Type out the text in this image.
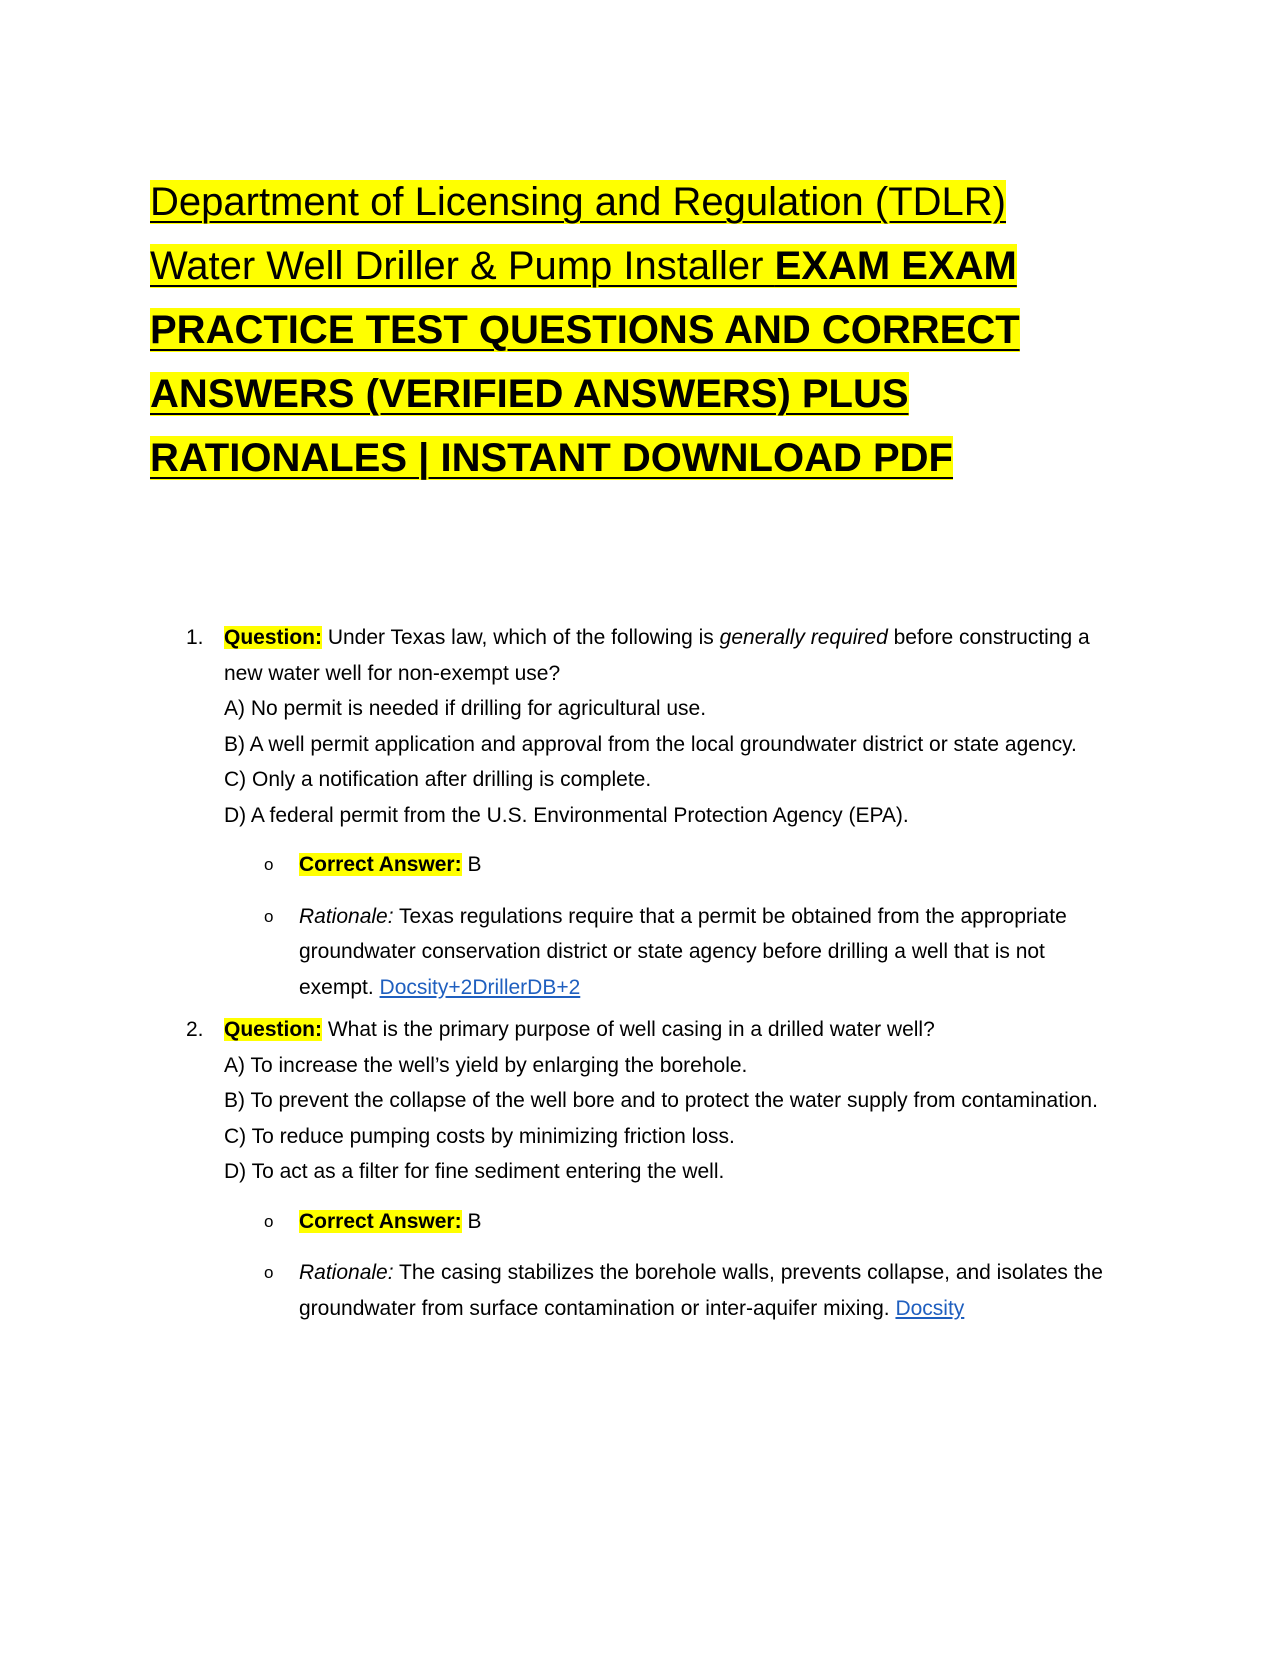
Department of Licensing and Regulation (TDLR) Water Well Driller & Pump Installer EXAM EXAM PRACTICE TEST QUESTIONS AND CORRECT ANSWERS (VERIFIED ANSWERS) PLUS RATIONALES | INSTANT DOWNLOAD PDF
1. Question: Under Texas law, which of the following is generally required before constructing a new water well for non-exempt use?
A) No permit is needed if drilling for agricultural use.
B) A well permit application and approval from the local groundwater district or state agency.
C) Only a notification after drilling is complete.
D) A federal permit from the U.S. Environmental Protection Agency (EPA).
o Correct Answer: B
o Rationale: Texas regulations require that a permit be obtained from the appropriate groundwater conservation district or state agency before drilling a well that is not exempt. Docsity+2DrillerDB+2
2. Question: What is the primary purpose of well casing in a drilled water well?
A) To increase the well’s yield by enlarging the borehole.
B) To prevent the collapse of the well bore and to protect the water supply from contamination.
C) To reduce pumping costs by minimizing friction loss.
D) To act as a filter for fine sediment entering the well.
o Correct Answer: B
o Rationale: The casing stabilizes the borehole walls, prevents collapse, and isolates the groundwater from surface contamination or inter-aquifer mixing. Docsity
